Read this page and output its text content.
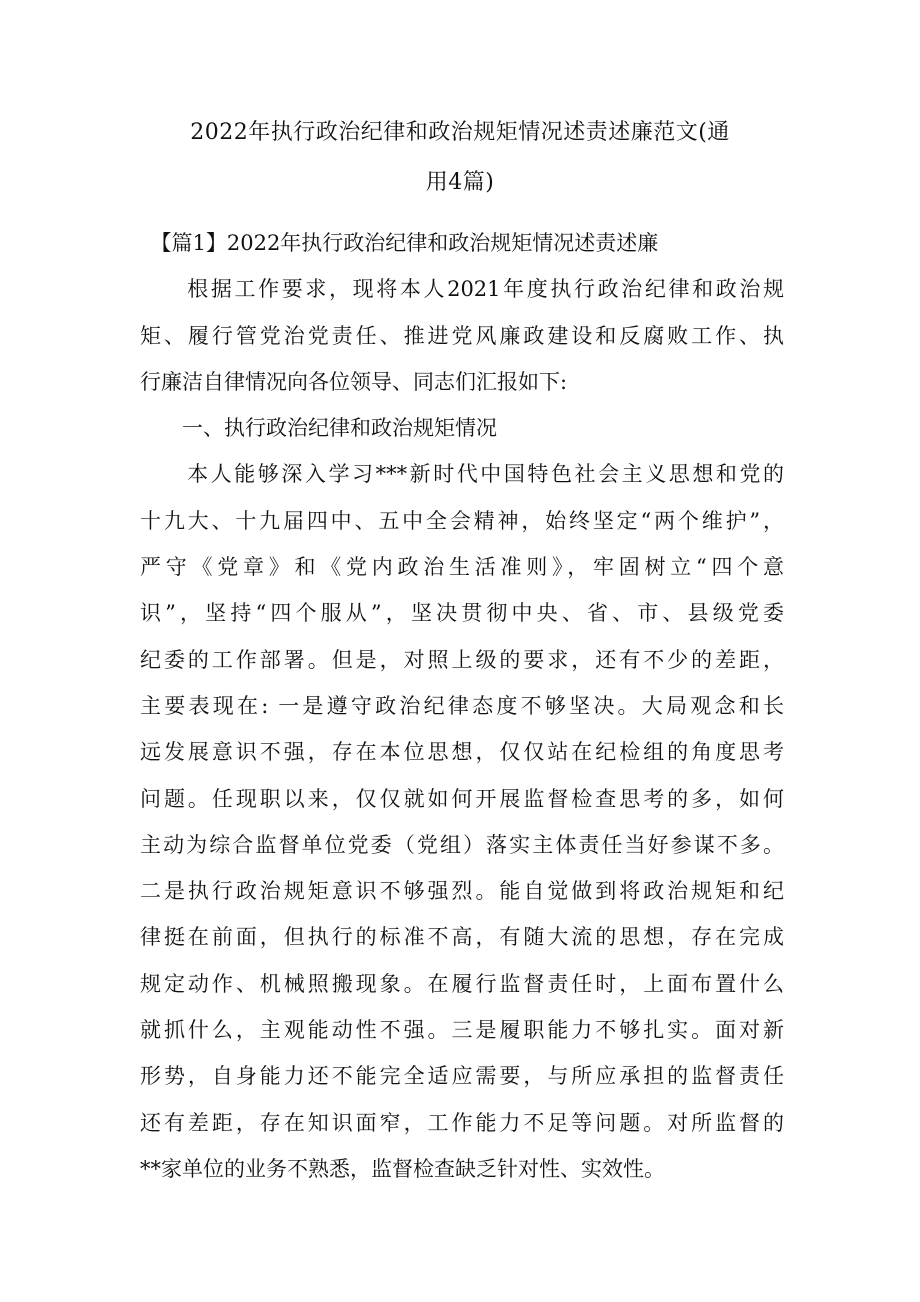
2022年执行政治纪律和政治规矩情况述责述廉范文(通
用4篇)
　【篇1】2022年执行政治纪律和政治规矩情况述责述廉
　　根据工作要求，现将本人2021年度执行政治纪律和政治规
矩、履行管党治党责任、推进党风廉政建设和反腐败工作、执
行廉洁自律情况向各位领导、同志们汇报如下:
　　一、执行政治纪律和政治规矩情况
　　本人能够深入学习***新时代中国特色社会主义思想和党的
十九大、十九届四中、五中全会精神，始终坚定“两个维护”，
严守《党章》和《党内政治生活准则》，牢固树立“四个意
识”，坚持“四个服从”，坚决贯彻中央、省、市、县级党委
纪委的工作部署。但是，对照上级的要求，还有不少的差距，
主要表现在: 一是遵守政治纪律态度不够坚决。大局观念和长
远发展意识不强，存在本位思想，仅仅站在纪检组的角度思考
问题。任现职以来，仅仅就如何开展监督检查思考的多，如何
主动为综合监督单位党委（党组）落实主体责任当好参谋不多。
二是执行政治规矩意识不够强烈。能自觉做到将政治规矩和纪
律挺在前面，但执行的标准不高，有随大流的思想，存在完成
规定动作、机械照搬现象。在履行监督责任时，上面布置什么
就抓什么，主观能动性不强。三是履职能力不够扎实。面对新
形势，自身能力还不能完全适应需要，与所应承担的监督责任
还有差距，存在知识面窄，工作能力不足等问题。对所监督的
**家单位的业务不熟悉，监督检查缺乏针对性、实效性。
